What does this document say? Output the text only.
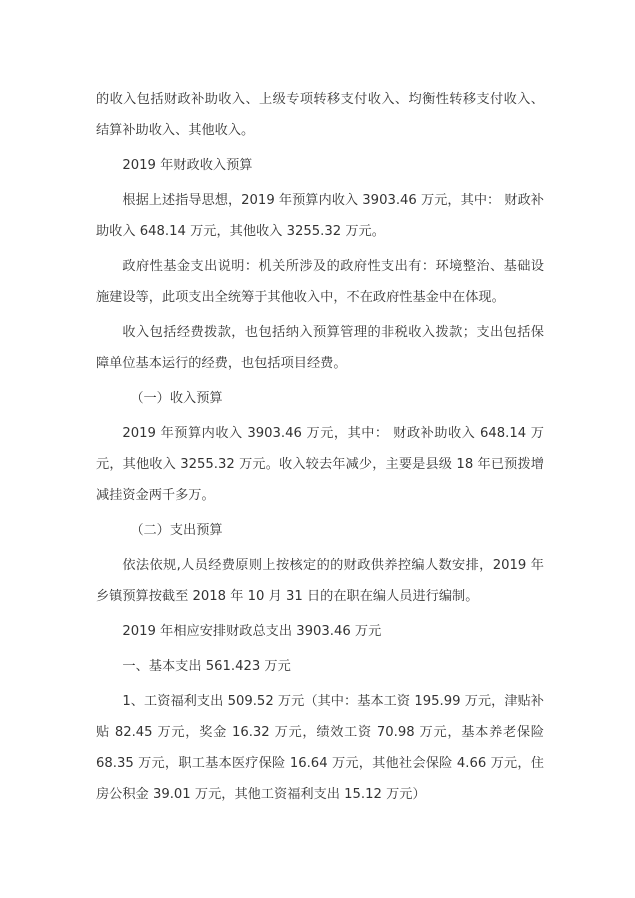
的收入包括财政补助收入、上级专项转移支付收入、均衡性转移支付收入、结算补助收入、其他收入。

2019 年财政收入预算

根据上述指导思想，2019 年预算内收入 3903.46 万元，其中： 财政补助收入 648.14 万元，其他收入 3255.32 万元。

政府性基金支出说明：机关所涉及的政府性支出有：环境整治、基础设施建设等，此项支出全统筹于其他收入中，不在政府性基金中在体现。

收入包括经费拨款，也包括纳入预算管理的非税收入拨款；支出包括保障单位基本运行的经费，也包括项目经费。

（一）收入预算

2019 年预算内收入 3903.46 万元，其中： 财政补助收入 648.14 万元，其他收入 3255.32 万元。收入较去年减少，主要是县级 18 年已预拨增减挂资金两千多万。

（二）支出预算

依法依规,人员经费原则上按核定的的财政供养控编人数安排，2019 年乡镇预算按截至 2018 年 10 月 31 日的在职在编人员进行编制。

2019 年相应安排财政总支出 3903.46 万元

一、基本支出 561.423 万元

1、工资福利支出 509.52 万元（其中：基本工资 195.99 万元，津贴补贴 82.45 万元，奖金 16.32 万元，绩效工资 70.98 万元，基本养老保险 68.35 万元，职工基本医疗保险 16.64 万元，其他社会保险 4.66 万元，住房公积金 39.01 万元，其他工资福利支出 15.12 万元）
